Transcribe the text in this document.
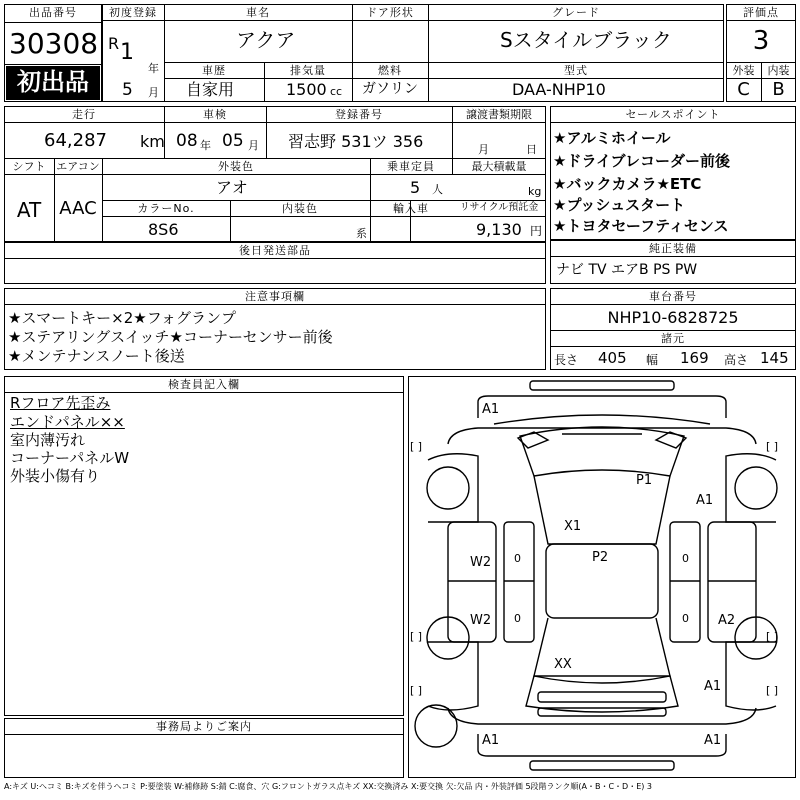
出品番号
30308
初出品
初度登録
R 1
年
5 月
車名
アクア
ドア形状	グレード
Sスタイルブラック
車歴
自家用
排気量
1500 cc
燃料
ガソリン
型式
DAA-NHP10
評価点
3
外装	内装
C	B
走行
64,287 km
車検
08 年 05 月
登録番号
習志野 531ツ 356
譲渡書類期限
月	日
シフト
AT
エアコン
AAC
外装色
アオ
乗車定員
5 人
最大積載量
kg
カラーNo.
8S6
内装色
系
輸入車	リサイクル預託金
9,130 円
後日発送部品
セールスポイント
★アルミホイール
★ドライブレコーダー前後
★バックカメラ★ETC
★プッシュスタート
★トヨタセーフティセンス
純正装備
ナビ TV エアB PS PW
注意事項欄
★スマートキー×2★フォグランプ
★ステアリングスイッチ★コーナーセンサー前後
★メンテナンスノート後送
車台番号
NHP10-6828725
諸元
長さ 405 幅 169 高さ 145
検査員記入欄
Rフロア先歪み
エンドパネル××
室内薄汚れ
コーナーパネルW
外装小傷有り
事務局よりご案内
A1
P1
A1
X1
P2
W2
W2	A2
XX
A1
A1	A1
[ ]	[ ]
[ ]	[ ]
[ ]	[ ]
0
0
0
0
A:キズ U:ヘコミ B:キズを伴うヘコミ P:要塗装 W:補修跡 S:錆 C:腐食、穴 G:フロントガラス点キズ XX:交換済み X:要交換 欠:欠品 内・外装評価 5段階ランク順(A・B・C・D・E) 3
